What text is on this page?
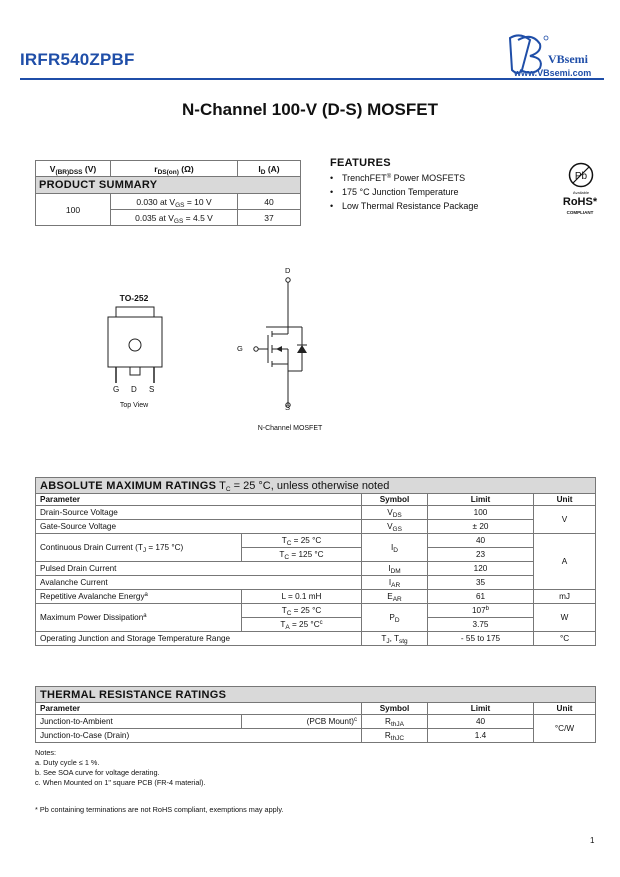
IRFR540ZPBF	VBsemi
www.VBsemi.com
N-Channel 100-V (D-S) MOSFET
PRODUCT SUMMARY		
$V_{(BR)DSS}$ (V)	$r_{DS(on)}$ (Ω)	$I_D$ (A)
100	0.030 at $V_{GS} = 10$ V	40
	0.035 at $V_{GS} = 4.5$ V	37
FEATURES
• TrenchFET® Power MOSFETS
• 175 °C Junction Temperature
• Low Thermal Resistance Package
Pb
Available
RoHS*
COMPLIANT
TO-252
G D S
Top View
D
G
S
N-Channel MOSFET
ABSOLUTE MAXIMUM RATINGS $T_C = 25$ °C, unless otherwise noted				
Parameter		Symbol	Limit	Unit
Drain-Source Voltage		$V_{DS}$	100	V
Gate-Source Voltage		$V_{GS}$	± 20	
Continuous Drain Current ($T_J = 175$ °C)	$T_C = 25$ °C	$I_D$	40	A
	$T_C = 125$ °C		23	
Pulsed Drain Current		$I_{DM}$	120	
Avalanche Current		$I_{AR}$	35	
Repetitive Avalanche Energy$^a$	L = 0.1 mH	$E_{AR}$	61	mJ
Maximum Power Dissipation$^a$	$T_C = 25$ °C	$P_D$	107$^b$	W
	$T_A = 25$ $^\circ C^c$		3.75	
Operating Junction and Storage Temperature Range		$T_J$, $T_{stg}$	- 55 to 175	°C
THERMAL RESISTANCE RATINGS				
Parameter		Symbol	Limit	Unit
Junction-to-Ambient	(PCB Mount)$^c$	$R_{thJA}$	40	°C/W
Junction-to-Case (Drain)		$R_{thJC}$	1.4	
Notes:
a. Duty cycle ≤ 1 %.
b. See SOA curve for voltage derating.
c. When Mounted on 1" square PCB (FR-4 material).
* Pb containing terminations are not RoHS compliant, exemptions may apply.
1
